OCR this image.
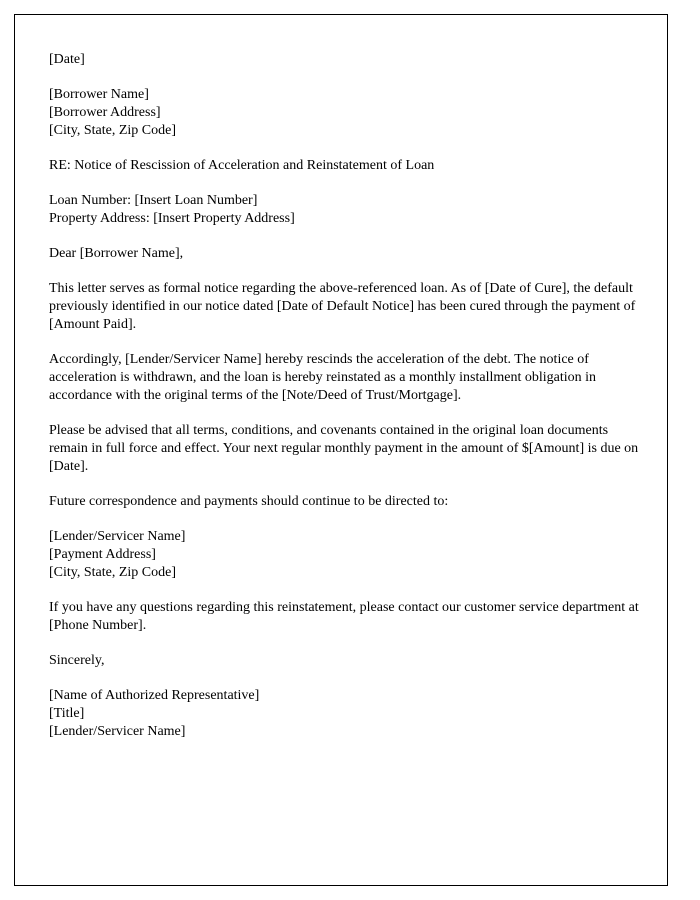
[Date]

[Borrower Name]

[Borrower Address]

[City, State, Zip Code]

RE: Notice of Rescission of Acceleration and Reinstatement of Loan

Loan Number: [Insert Loan Number]

Property Address: [Insert Property Address]

Dear [Borrower Name],

This letter serves as formal notice regarding the above-referenced loan. As of [Date of Cure], the default previously identified in our notice dated [Date of Default Notice] has been cured through the payment of [Amount Paid].

Accordingly, [Lender/Servicer Name] hereby rescinds the acceleration of the debt. The notice of acceleration is withdrawn, and the loan is hereby reinstated as a monthly installment obligation in accordance with the original terms of the [Note/Deed of Trust/Mortgage].

Please be advised that all terms, conditions, and covenants contained in the original loan documents remain in full force and effect. Your next regular monthly payment in the amount of $[Amount] is due on [Date].

Future correspondence and payments should continue to be directed to:

[Lender/Servicer Name]

[Payment Address]

[City, State, Zip Code]

If you have any questions regarding this reinstatement, please contact our customer service department at [Phone Number].

Sincerely,

[Name of Authorized Representative]

[Title]

[Lender/Servicer Name]
